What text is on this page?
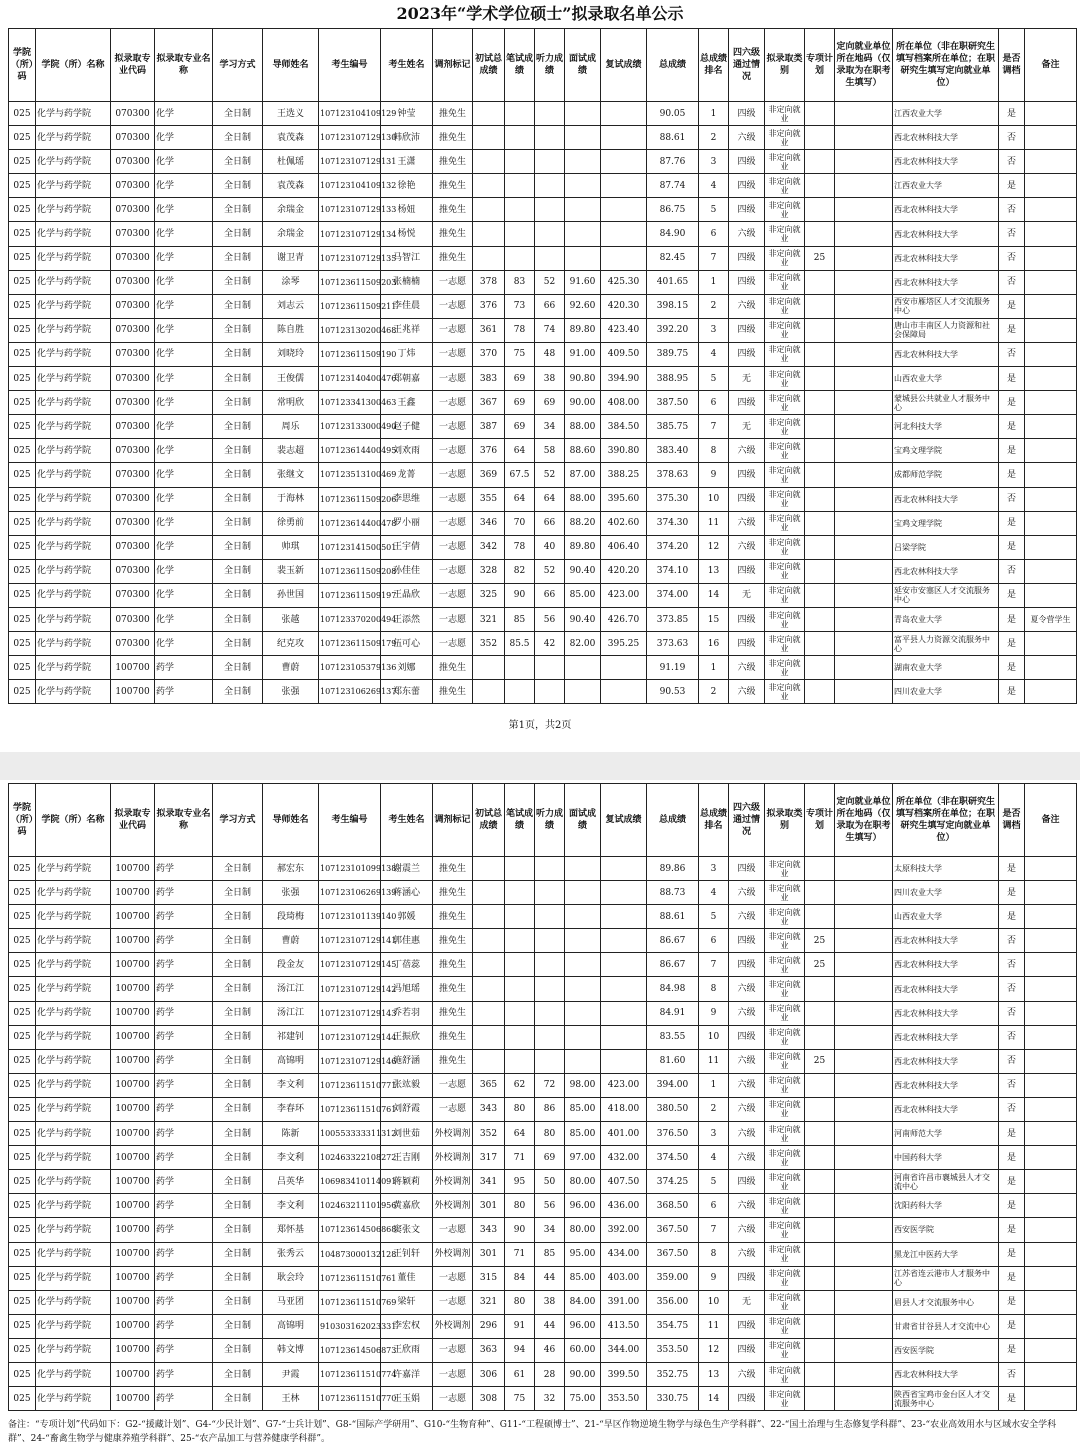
2023年“学术学位硕士”拟录取名单公示
学院（所）码	学院（所）名称	拟录取专业代码	拟录取专业名称	学习方式	导师姓名	考生编号	考生姓名	调剂标记	初试总成绩	笔试成绩	听力成绩	面试成绩	复试成绩	总成绩	总成绩排名	四六级通过情况	拟录取类别	专项计划	定向就业单位所在地码（仅录取为在职考生填写）	所在单位（非在职研究生填写档案所在单位；在职研究生填写定向就业单位）	是否调档	备注
025	化学与药学院	070300	化学	全日制	王选义	107123104109129	钟莹	推免生						90.05	1	四级	非定向就业			江西农业大学	是	
025	化学与药学院	070300	化学	全日制	袁茂森	107123107129130	韩欣沛	推免生						88.61	2	六级	非定向就业			西北农林科技大学	否	
025	化学与药学院	070300	化学	全日制	杜佩瑶	107123107129131	王潇	推免生						87.76	3	四级	非定向就业			西北农林科技大学	否	
025	化学与药学院	070300	化学	全日制	袁茂森	107123104109132	徐艳	推免生						87.74	4	四级	非定向就业			江西农业大学	是	
025	化学与药学院	070300	化学	全日制	余瑞金	107123107129133	杨妞	推免生						86.75	5	四级	非定向就业			西北农林科技大学	否	
025	化学与药学院	070300	化学	全日制	余瑞金	107123107129134	杨悦	推免生						84.90	6	六级	非定向就业			西北农林科技大学	否	
025	化学与药学院	070300	化学	全日制	谢卫青	107123107129135	马智江	推免生						82.45	7	四级	非定向就业	25		西北农林科技大学	否	
025	化学与药学院	070300	化学	全日制	涂琴	107123611509203	张楠楠	一志愿	378	83	52	91.60	425.30	401.65	1	四级	非定向就业			西北农林科技大学	否	
025	化学与药学院	070300	化学	全日制	刘志云	107123611509211	李佳晨	一志愿	376	73	66	92.60	420.30	398.15	2	六级	非定向就业			西安市雁塔区人才交流服务中心	是	
025	化学与药学院	070300	化学	全日制	陈自胜	107123130200468	王兆祥	一志愿	361	78	74	89.80	423.40	392.20	3	四级	非定向就业			唐山市丰南区人力资源和社会保障局	是	
025	化学与药学院	070300	化学	全日制	刘晓玲	107123611509190	丁炜	一志愿	370	75	48	91.00	409.50	389.75	4	四级	非定向就业			西北农林科技大学	否	
025	化学与药学院	070300	化学	全日制	王俊儒	107123140400476	郑朝嘉	一志愿	383	69	38	90.80	394.90	388.95	5	无	非定向就业			山西农业大学	是	
025	化学与药学院	070300	化学	全日制	常明欣	107123341300463	王鑫	一志愿	367	69	69	90.00	408.00	387.50	6	四级	非定向就业			蒙城县公共就业人才服务中心	是	
025	化学与药学院	070300	化学	全日制	周乐	107123133000490	赵子健	一志愿	387	69	34	88.00	384.50	385.75	7	无	非定向就业			河北科技大学	是	
025	化学与药学院	070300	化学	全日制	裴志超	107123614400495	刘欢雨	一志愿	376	64	58	88.60	390.80	383.40	8	六级	非定向就业			宝鸡文理学院	是	
025	化学与药学院	070300	化学	全日制	张继文	107123513100469	龙菁	一志愿	369	67.5	52	87.00	388.25	378.63	9	四级	非定向就业			成都师范学院	是	
025	化学与药学院	070300	化学	全日制	于海林	107123611509206	李思维	一志愿	355	64	64	88.00	395.60	375.30	10	四级	非定向就业			西北农林科技大学	否	
025	化学与药学院	070300	化学	全日制	徐勇前	107123614400478	罗小丽	一志愿	346	70	66	88.20	402.60	374.30	11	六级	非定向就业			宝鸡文理学院	是	
025	化学与药学院	070300	化学	全日制	帅琪	107123141500501	王宇倩	一志愿	342	78	40	89.80	406.40	374.20	12	六级	非定向就业			吕梁学院	是	
025	化学与药学院	070300	化学	全日制	裴玉新	107123611509208	孙佳佳	一志愿	328	82	52	90.40	420.20	374.10	13	四级	非定向就业			西北农林科技大学	否	
025	化学与药学院	070300	化学	全日制	孙世国	107123611509197	王晶欣	一志愿	325	90	66	85.00	423.00	374.00	14	无	非定向就业			延安市安塞区人才交流服务中心	是	
025	化学与药学院	070300	化学	全日制	张越	107123370200494	王添然	一志愿	321	85	56	90.40	426.70	373.85	15	四级	非定向就业			青岛农业大学	是	夏令营学生
025	化学与药学院	070300	化学	全日制	纪克攻	107123611509179	伍可心	一志愿	352	85.5	42	82.00	395.25	373.63	16	四级	非定向就业			富平县人力资源交流服务中心	是	
025	化学与药学院	100700	药学	全日制	曹蔚	107123105379136	刘娜	推免生						91.19	1	六级	非定向就业			湖南农业大学	是	
025	化学与药学院	100700	药学	全日制	张强	107123106269137	郑东蕾	推免生						90.53	2	六级	非定向就业			四川农业大学	是	
第1页，共2页
学院（所）码	学院（所）名称	拟录取专业代码	拟录取专业名称	学习方式	导师姓名	考生编号	考生姓名	调剂标记	初试总成绩	笔试成绩	听力成绩	面试成绩	复试成绩	总成绩	总成绩排名	四六级通过情况	拟录取类别	专项计划	定向就业单位所在地码（仅录取为在职考生填写）	所在单位（非在职研究生填写档案所在单位；在职研究生填写定向就业单位）	是否调档	备注
025	化学与药学院	100700	药学	全日制	郝宏东	107123101099138	谢震兰	推免生						89.86	3	四级	非定向就业			太原科技大学	是	
025	化学与药学院	100700	药学	全日制	张强	107123106269139	蒋涵心	推免生						88.73	4	六级	非定向就业			四川农业大学	是	
025	化学与药学院	100700	药学	全日制	段琦梅	107123101139140	郭媛	推免生						88.61	5	六级	非定向就业			山西农业大学	是	
025	化学与药学院	100700	药学	全日制	曹蔚	107123107129141	郭佳惠	推免生						86.67	6	四级	非定向就业	25		西北农林科技大学	否	
025	化学与药学院	100700	药学	全日制	段金友	107123107129145	丁蓓蕊	推免生						86.67	7	四级	非定向就业	25		西北农林科技大学	否	
025	化学与药学院	100700	药学	全日制	汤江江	107123107129142	冯旭瑶	推免生						84.98	8	六级	非定向就业			西北农林科技大学	否	
025	化学与药学院	100700	药学	全日制	汤江江	107123107129143	乔若羽	推免生						84.91	9	六级	非定向就业			西北农林科技大学	否	
025	化学与药学院	100700	药学	全日制	祁建钊	107123107129144	王振欣	推免生						83.55	10	四级	非定向就业			西北农林科技大学	否	
025	化学与药学院	100700	药学	全日制	高锦明	107123107129146	施舒涵	推免生						81.60	11	六级	非定向就业	25		西北农林科技大学	否	
025	化学与药学院	100700	药学	全日制	李文利	107123611510771	张竑毅	一志愿	365	62	72	98.00	423.00	394.00	1	六级	非定向就业			西北农林科技大学	否	
025	化学与药学院	100700	药学	全日制	李春环	107123611510761	刘舒霞	一志愿	343	80	86	85.00	418.00	380.50	2	六级	非定向就业			西北农林科技大学	否	
025	化学与药学院	100700	药学	全日制	陈新	100553333311312	刘世茹	外校调剂	352	64	80	85.00	401.00	376.50	3	六级	非定向就业			河南师范大学	是	
025	化学与药学院	100700	药学	全日制	李文利	102463322108272	王吉刚	外校调剂	317	71	69	97.00	432.00	374.50	4	六级	非定向就业			中国药科大学	是	
025	化学与药学院	100700	药学	全日制	吕英华	106983410114091	蒋颖莉	外校调剂	341	95	50	80.00	407.50	374.25	5	四级	非定向就业			河南省许昌市襄城县人才交流中心	是	
025	化学与药学院	100700	药学	全日制	李文利	102463211101956	黄嘉欣	外校调剂	301	80	56	96.00	436.00	368.50	6	六级	非定向就业			沈阳药科大学	是	
025	化学与药学院	100700	药学	全日制	郑怀基	107123614506868	窦张文	一志愿	343	90	34	80.00	392.00	367.50	7	六级	非定向就业			西安医学院	是	
025	化学与药学院	100700	药学	全日制	张秀云	104873000132128	王钊轩	外校调剂	301	71	85	95.00	434.00	367.50	8	六级	非定向就业			黑龙江中医药大学	是	
025	化学与药学院	100700	药学	全日制	耿会玲	107123611510761	董佳	一志愿	315	84	44	85.00	403.00	359.00	9	四级	非定向就业			江苏省连云港市人才服务中心	是	
025	化学与药学院	100700	药学	全日制	马亚团	107123611510769	梁轩	一志愿	321	80	38	84.00	391.00	356.00	10	无	非定向就业			眉县人才交流服务中心	是	
025	化学与药学院	100700	药学	全日制	高锦明	910303162023331	李宏权	外校调剂	296	91	44	96.00	413.50	354.75	11	四级	非定向就业			甘肃省甘谷县人才交流中心	是	
025	化学与药学院	100700	药学	全日制	韩文博	107123614506873	王欣雨	一志愿	363	94	46	60.00	344.00	353.50	12	四级	非定向就业			西安医学院	是	
025	化学与药学院	100700	药学	全日制	尹霞	107123611510774	许嘉洋	一志愿	306	61	28	90.00	399.50	352.75	13	六级	非定向就业			西北农林科技大学	否	
025	化学与药学院	100700	药学	全日制	王林	107123611510770	王玉娟	一志愿	308	75	32	75.00	353.50	330.75	14	四级	非定向就业			陕西省宝鸡市金台区人才交流服务中心	是	
备注：“专项计划”代码如下：G2-“援藏计划”、G4-“少民计划”、G7-“士兵计划”、G8-“国际产学研用”、G10-“生物育种”、G11-“工程硕博士”、21-“旱区作物逆境生物学与绿色生产学科群”、22-“国土治理与生态修复学科群”、23-“农业高效用水与区域水安全学科群”、24-“畜禽生物学与健康养殖学科群”、25-“农产品加工与营养健康学科群”。
